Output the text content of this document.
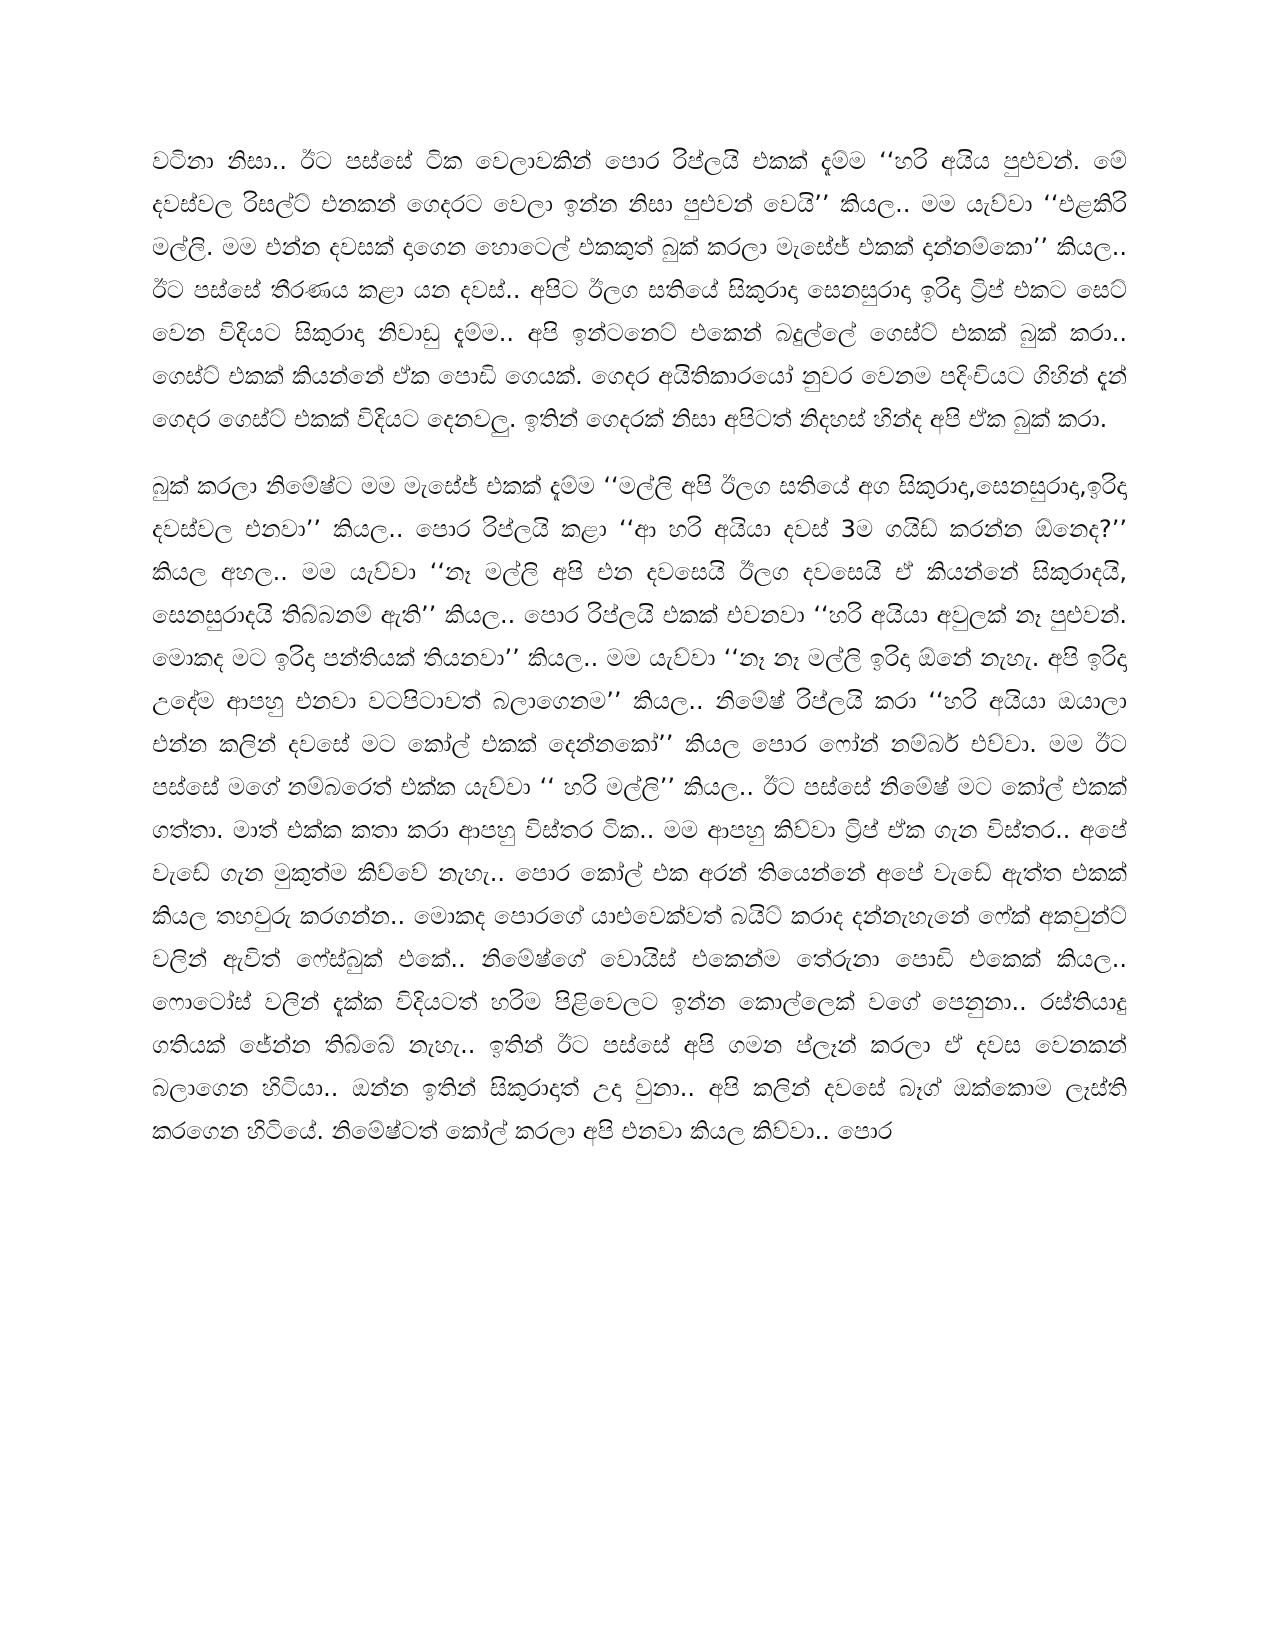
වටිනා නිසා.. ඊට පස්සේ ටික වෙලාවකින් පොර රිප්ලයි එකක් දැම්ම ‘‘හරි අයිය පුළුවන්. මේ දවස්වල රිසල්ට් එනකන් ගෙදරට වෙලා ඉන්න නිසා පුළුවන් වෙයි’’ කියල.. මම යැව්වා ‘‘එළකිරි මල්ලි. මම එන්න දවසක් දාගෙන හොටෙල් එකකුත් බුක් කරලා මැසේජ් එකක් දාන්නම්කො’’ කියල.. ඊට පස්සේ තීරණය කළා යන දවස්.. අපිට ඊලග සතියේ සිකුරාදා සෙනසුරාදා ඉරිදා ට්‍රිප් එකට සෙට් වෙන විදියට සිකුරාදා නිවාඩු දැම්ම.. අපි ඉන්ටනෙට් එකෙන් බදුල්ලේ ගෙස්ට් එකක් බුක් කරා.. ගෙස්ට් එකක් කියන්නේ ඒක පොඩි ගෙයක්. ගෙදර අයිතිකාරයෝ නුවර වෙනම පදිංචියට ගිහින් දැන් ගෙදර ගෙස්ට් එකක් විදියට දෙනවලු. ඉතින් ගෙදරක් නිසා අපිටත් නිදහස් හින්ද අපි ඒක බුක් කරා.

බුක් කරලා නිමේෂ්ට මම මැසේජ් එකක් දැම්ම ‘‘මල්ලි අපි ඊලග සතියේ අග සිකුරාදා,සෙනසුරාදා,ඉරිදා දවස්වල එනවා’’ කියල.. පොර රිප්ලයි කළා ‘‘ආ හරි අයියා දවස් 3ම ගයිඩ් කරන්න ඕනෙද?’’ කියල අහල.. මම යැව්වා ‘‘නෑ මල්ලි අපි එන දවසෙයි ඊලග දවසෙයි ඒ කියන්නේ සිකුරාදයි, සෙනසුරාදයි තිබ්බනම් ඇති’’ කියල.. පොර රිප්ලයි එකක් එවනවා ‘‘හරි අයියා අවුලක් නෑ පුළුවන්. මොකද මට ඉරිදා පන්තියක් තියනවා’’ කියල.. මම යැව්වා ‘‘නෑ නෑ මල්ලි ඉරිදා ඕනේ නැහැ. අපි ඉරිදා උදේම ආපහු එනවා වටපිටාවත් බලාගෙනම’’ කියල.. නිමේෂ් රිප්ලයි කරා ‘‘හරි අයියා ඔයාලා එන්න කලින් දවසේ මට කෝල් එකක් දෙන්නකෝ’’ කියල පොර ෆෝන් නම්බර් එව්වා. මම ඊට පස්සේ මගේ නම්බරෙත් එක්ක යැව්වා ‘‘ හරි මල්ලි’’ කියල.. ඊට පස්සේ නිමේෂ් මට කෝල් එකක් ගත්තා. මාත් එක්ක කතා කරා ආපහු විස්තර ටික.. මම ආපහු කිව්වා ට්‍රිප් ඒක ගැන විස්තර.. අපේ වැඩේ ගැන මුකුත්ම කිව්වේ නැහැ.. පොර කෝල් එක අරන් තියෙන්නේ අපේ වැඩේ ඇත්ත එකක් කියල තහවුරු කරගන්න.. මොකද පොරගේ යාළුවෙක්වත් බයිට් කරාද දන්නැහැනේ ෆේක් අකවුන්ට් වලින් ඇවිත් ෆේස්බුක් එකේ.. නිමේෂ්ගේ වොයිස් එකෙන්ම තේරුනා පොඩි එකෙක් කියල.. ෆොටෝස් වලින් දැක්ක විදියටත් හරිම පිළිවෙලට ඉන්න කොල්ලෙක් වගේ පෙනුනා.. රස්තියාදු ගතියක් ජේන්න තිබ්බේ නැහැ.. ඉතින් ඊට පස්සේ අපි ගමන ප්ලෑන් කරලා ඒ දවස වෙනකන් බලාගෙන හිටියා.. ඔන්න ඉතින් සිකුරාදාත් උදා වුනා.. අපි කලින් දවසේ බෑග් ඔක්කොම ලෑස්ති කරගෙන හිටියේ. නිමේෂ්ටත් කෝල් කරලා අපි එනවා කියල කිව්වා.. පොර
